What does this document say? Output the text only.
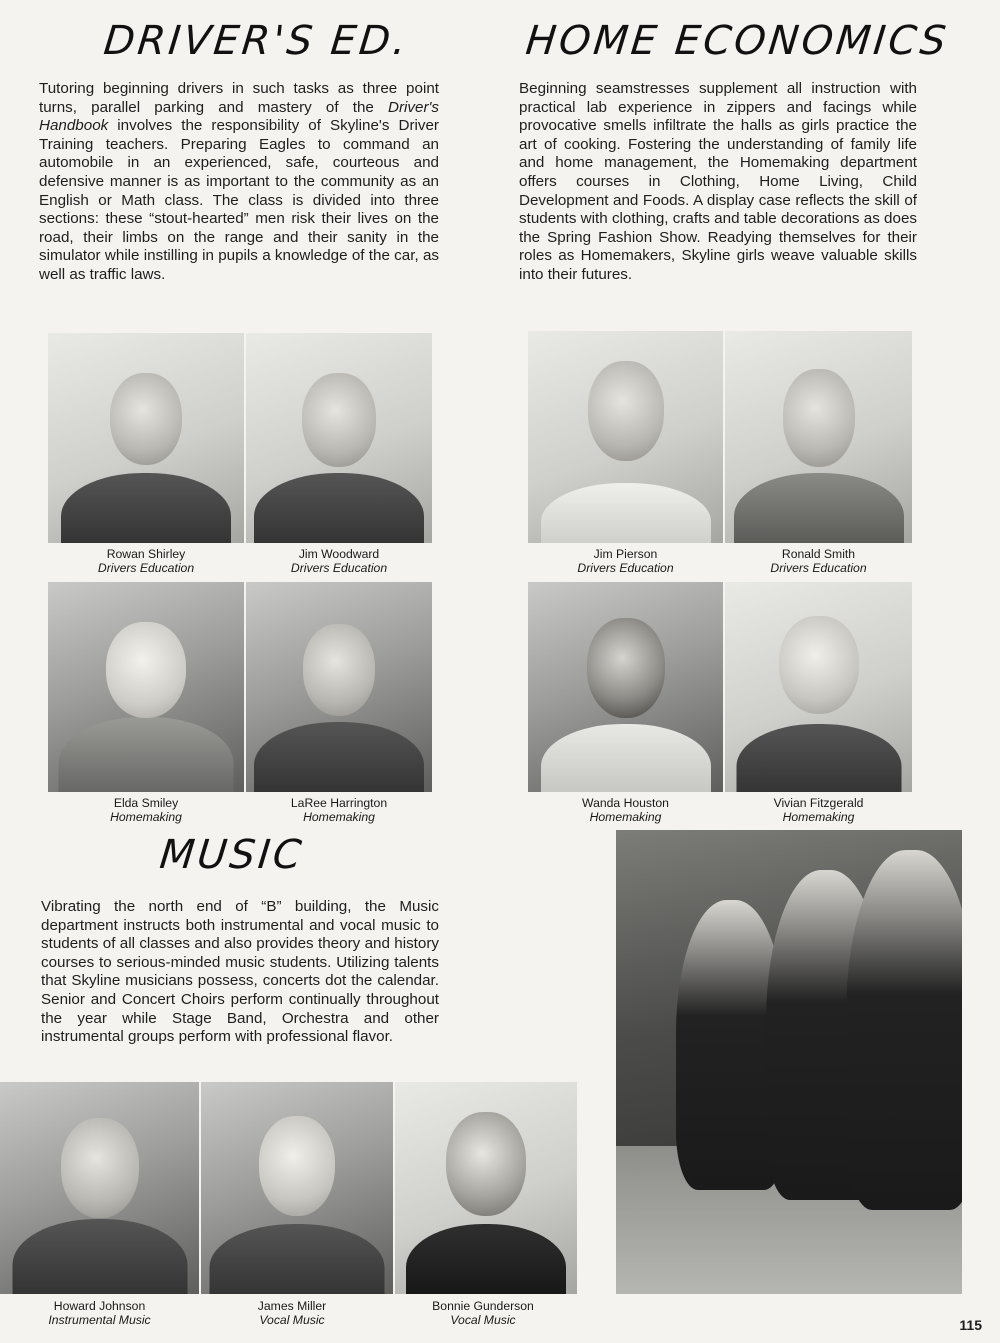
DRIVER'S ED.

Tutoring beginning drivers in such tasks as three point turns, parallel parking and mastery of the Driver's Handbook involves the responsibility of Skyline's Driver Training teachers. Preparing Eagles to command an automobile in an experienced, safe, courteous and defensive manner is as important to the community as an English or Math class. The class is divided into three sections: these “stout-hearted” men risk their lives on the road, their limbs on the range and their sanity in the simulator while instilling in pupils a knowledge of the car, as well as traffic laws.

HOME ECONOMICS

Beginning seamstresses supplement all instruction with practical lab experience in zippers and facings while provocative smells infiltrate the halls as girls practice the art of cooking. Fostering the understanding of family life and home management, the Homemaking department offers courses in Clothing, Home Living, Child Development and Foods. A display case reflects the skill of students with clothing, crafts and table decorations as does the Spring Fashion Show. Readying themselves for their roles as Homemakers, Skyline girls weave valuable skills into their futures.

Rowan Shirley
Drivers Education
Jim Woodward
Drivers Education
Jim Pierson
Drivers Education
Ronald Smith
Drivers Education
Elda Smiley
Homemaking
LaRee Harrington
Homemaking
Wanda Houston
Homemaking
Vivian Fitzgerald
Homemaking
MUSIC

Vibrating the north end of “B” building, the Music department instructs both instrumental and vocal music to students of all classes and also provides theory and history courses to serious-minded music students. Utilizing talents that Skyline musicians possess, concerts dot the calendar. Senior and Concert Choirs perform continually throughout the year while Stage Band, Orchestra and other instrumental groups perform with professional flavor.

Howard Johnson
Instrumental Music
James Miller
Vocal Music
Bonnie Gunderson
Vocal Music	115
